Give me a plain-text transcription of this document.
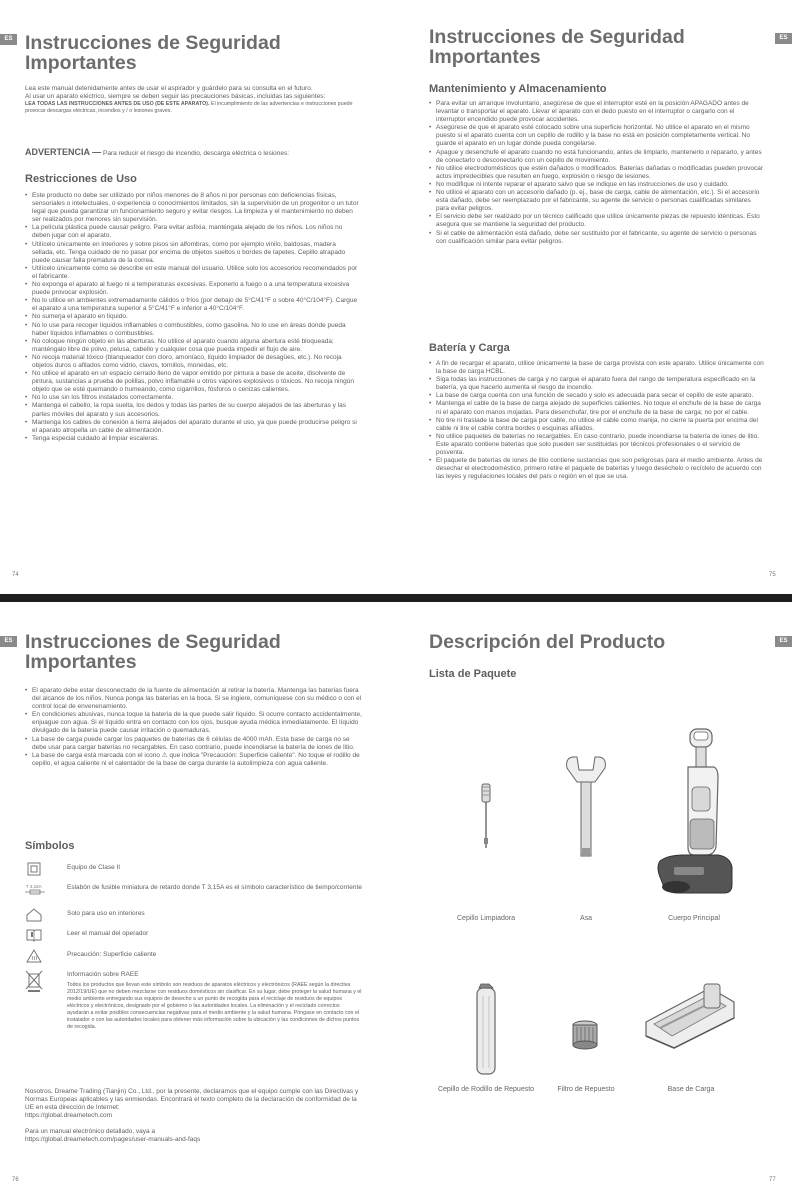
ES Instrucciones de Seguridad Importantes
Lea este manual detenidamente antes de usar el aspirador y guárdelo para su consulta en el futuro.
Al usar un aparato eléctrico, siempre se deben seguir las precauciones básicas, incluidas las siguientes:
LEA TODAS LAS INSTRUCCIONES ANTES DE USO (DE ESTE APARATO). El incumplimiento de las advertencias e instrucciones puede provocar descargas eléctricas, incendios y / o lesiones graves.
ADVERTENCIA — Para reducir el riesgo de incendio, descarga eléctrica o lesiones:
Restricciones de Uso
• Este producto no debe ser utilizado por niños menores de 8 años ni por personas con deficiencias físicas, sensoriales o intelectuales, o experiencia o conocimientos limitados, sin la supervisión de un progenitor o un tutor legal que pueda garantizar un funcionamiento seguro y evitar riesgos. La limpieza y el mantenimiento no deben ser realizados por menores sin supervisión.
• La película plástica puede causar peligro. Para evitar asfixia, manténgala alejado de los niños. Los niños no deben jugar con el aparato.
• Utilícelo únicamente en interiores y sobre pisos sin alfombras, como por ejemplo vinilo, baldosas, madera sellada, etc. Tenga cuidado de no pasar por encima de objetos sueltos o bordes de tapetes. Cepillo atrapado puede causar falla prematura de la correa.
• Utilícelo únicamente como se describe en este manual del usuario. Utilice solo los accesorios recomendados por el fabricante.
• No exponga el aparato al fuego ni a temperaturas excesivas. Exponerlo a fuego o a una temperatura excesiva puede provocar explosión.
• No lo utilice en ambientes extremadamente cálidos o fríos (por debajo de 5°C/41°F o sobre 40°C/104°F). Cargue el aparato a una temperatura superior a 5°C/41°F e inferior a 40°C/104°F.
• No sumerja el aparato en líquido.
• No lo use para recoger líquidos inflamables o combustibles, como gasolina. No lo use en áreas donde pueda haber líquidos inflamables o combustibles.
• No coloque ningún objeto en las aberturas. No utilice el aparato cuando alguna abertura esté bloqueada; manténgalo libre de polvo, pelusa, cabello y cualquier cosa que pueda impedir el flujo de aire.
• No recoja material tóxico (blanqueador con cloro, amoníaco, líquido limpiador de desagües, etc.). No recoja objetos duros o afilados como vidrio, clavos, tornillos, monedas, etc.
• No utilice el aparato en un espacio cerrado lleno de vapor emitido por pintura a base de aceite, disolvente de pintura, sustancias a prueba de polillas, polvo inflamable u otros vapores explosivos o tóxicos. No recoja ningún objeto que se esté quemando o humeando, como cigarrillos, fósforos o cenizas calientes.
• No lo use sin los filtros instalados correctamente.
• Mantenga el cabello, la ropa suelta, los dedos y todas las partes de su cuerpo alejados de las aberturas y las partes móviles del aparato y sus accesorios.
• Mantenga los cables de conexión a tierra alejados del aparato durante el uso, ya que puede producirse peligro si el aparato atropella un cable de alimentación.
• Tenga especial cuidado al limpiar escaleras.
74
ES
Instrucciones de Seguridad Importantes
Mantenimiento y Almacenamiento
• Para evitar un arranque involuntario, asegúrese de que el interruptor esté en la posición APAGADO antes de levantar o transportar el aparato. Llevar el aparato con el dedo puesto en el interruptor o cargarlo con el interruptor encendido puede provocar accidentes.
• Asegúrese de que el aparato esté colocado sobre una superficie horizontal. No utilice el aparato en el mismo puesto si el aparato cuenta con un cepillo de rodillo y la base no está en posición completamente vertical. No guarde el aparato en un lugar donde pueda congelarse.
• Apague y desenchufe el aparato cuando no está funcionando, antes de limpiarlo, mantenerlo o repararlo, y antes de conectarlo o desconectarlo con un cepillo de movimiento.
• No utilice electrodomésticos que estén dañados o modificados. Baterías dañadas o modificadas pueden provocar actos impredecibles que resulten en fuego, explosión o riesgo de lesiones.
• No modifique ni intente reparar el aparato salvo que se indique en las instrucciones de uso y cuidado.
• No utilice el aparato con un accesorio dañado (p. ej., base de carga, cable de alimentación, etc.). Si el accesorio está dañado, debe ser reemplazado por el fabricante, su agente de servicio o personas cualificadas similares para evitar peligros.
• El servicio debe ser realizado por un técnico calificado que utilice únicamente piezas de repuesto idénticas. Esto asegura que se mantiene la seguridad del producto.
• Si el cable de alimentación está dañado, debe ser sustituido por el fabricante, su agente de servicio o personas con cualificación similar para evitar peligros.
Batería y Carga
• A fin de recargar el aparato, utilice únicamente la base de carga provista con este aparato. Utilice únicamente con la base de carga HCBL.
• Siga todas las instrucciones de carga y no cargue el aparato fuera del rango de temperatura especificado en la batería, ya que hacerlo aumenta el riesgo de incendio.
• La base de carga cuenta con una función de secado y solo es adecuada para secar el cepillo de este aparato.
• Mantenga el cable de la base de carga alejado de superficies calientes. No toque el enchufe de la base de carga ni el aparato con manos mojadas. Para desenchufar, tire por el enchufe de la base de carga; no por el cable.
• No tire ni traslade la base de carga por cable, no utilice el cable como manija, no cierre la puerta por encima del cable ni tire el cable contra bordes o esquinas afilados.
• No utilice paquetes de baterías no recargables. En caso contrario, puede incendiarse la batería de iones de litio. Este aparato contiene baterías que solo pueden ser sustituidas por técnicos profesionales o el servicio de posventa.
• El paquete de baterías de iones de litio contiene sustancias que son peligrosas para el medio ambiente. Antes de desechar el electrodoméstico, primero retire el paquete de baterías y luego deséchelo o recíclelo de acuerdo con las leyes y regulaciones locales del país o región en el que se usa.
75
ES Instrucciones de Seguridad Importantes
• El aparato debe estar desconectado de la fuente de alimentación al retirar la batería. Mantenga las baterías fuera del alcance de los niños. Nunca ponga las baterías en la boca. Si se ingiere, comuníquese con su médico o con el control local de envenenamiento.
• En condiciones abusivas, nunca toque la batería de la que puede salir líquido. Si ocurre contacto accidentalmente, enjuague con agua. Si el líquido entra en contacto con los ojos, busque ayuda médica inmediatamente. El líquido divulgado de la batería puede causar irritación o quemaduras.
• La base de carga puede cargar los paquetes de baterías de 6 células de 4000 mAh. Esta base de carga no se debe usar para cargar baterías no recargables. En caso contrario, puede incendiarse la batería de iones de litio.
• La base de carga está marcada con el icono ⚠ que indica "Precaución: Superficie caliente". No toque el rodillo de cepillo, el agua caliente ni el calentador de la base de carga durante la autolimpieza con agua caliente.
Símbolos
Equipo de Clase II
T 3,15A	Eslabón de fusible miniatura de retardo donde T 3,15A es el símbolo característico de tiempo/corriente
Solo para uso en interiores
Leer el manual del operador
Precaución: Superficie caliente
Información sobre RAEE
Todos los productos que llevan este símbolo son residuos de aparatos eléctricos y electrónicos (RAEE según la directiva 2012/19/UE) que no deben mezclarse con residuos domésticos sin clasificar. En su lugar, debe proteger la salud humana y el medio ambiente entregando sus equipos de desecho a un punto de recogida para el reciclaje de residuos de equipos eléctricos y electrónicos, designado por el gobierno o las autoridades locales. La eliminación y el reciclado correctos ayudarán a evitar posibles consecuencias negativas para el medio ambiente y la salud humana. Póngase en contacto con el instalador o con las autoridades locales para obtener más información sobre la ubicación y las condiciones de dichos puntos de recogida.
Nosotros, Dreame Trading (Tianjin) Co., Ltd., por la presente, declaramos que el equipo cumple con las Directivas y Normas Europeas aplicables y las enmiendas. Encontrará el texto completo de la declaración de conformidad de la UE en esta dirección de Internet:
https://global.dreametech.com
Para un manual electrónico detallado, vaya a
https://global.dreametech.com/pages/user-manuals-and-faqs
76
ES
Descripción del Producto
Lista de Paquete
Cepillo Limpiadora	Asa	Cuerpo Principal
Cepillo de Rodillo de Repuesto	Filtro de Repuesto	Base de Carga
77
